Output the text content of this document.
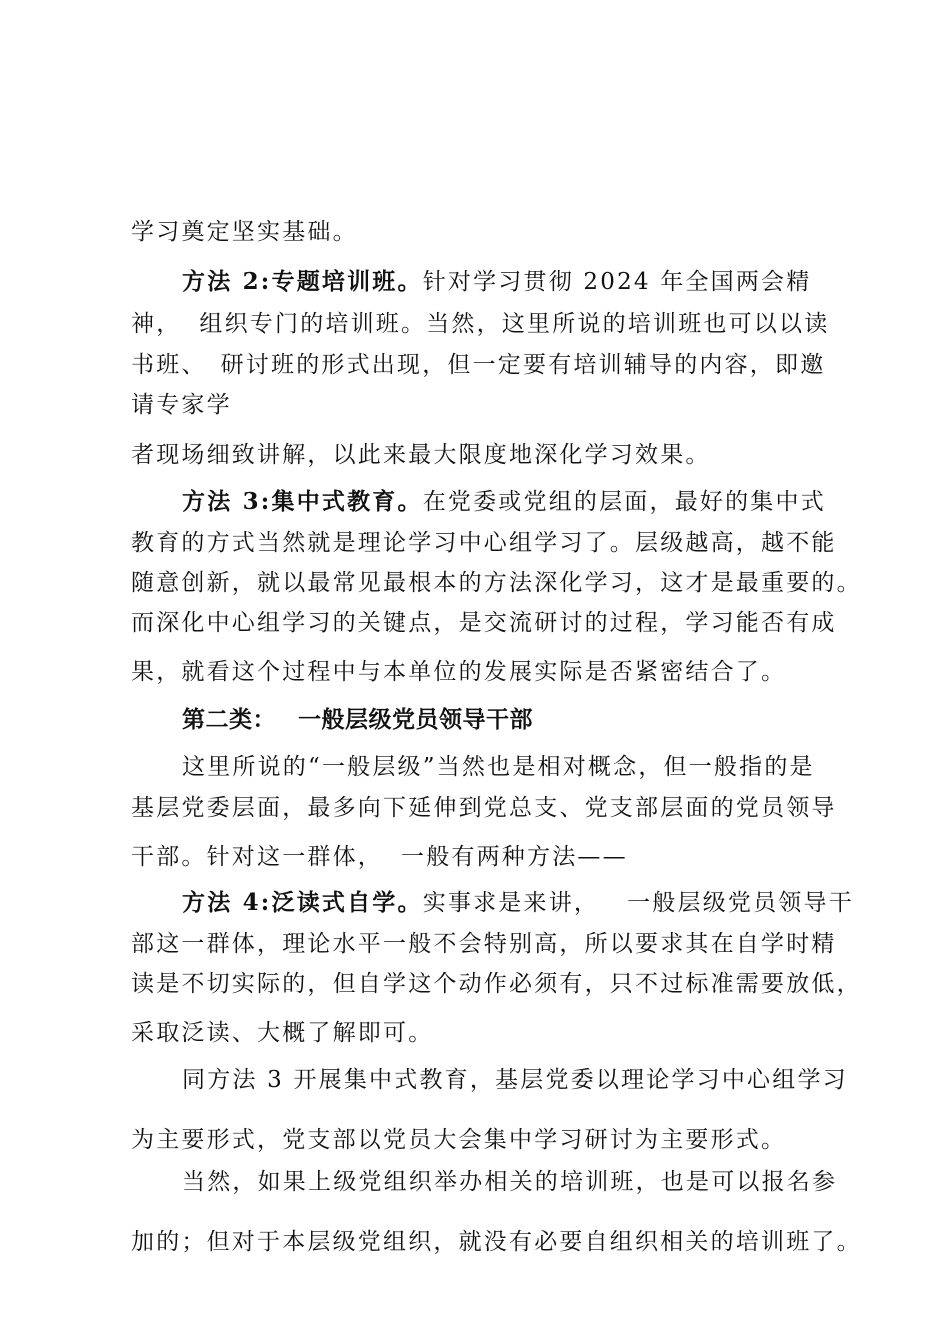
学习奠定坚实基础。
方法 2:专题培训班。针对学习贯彻 2024 年全国两会精
神， 组织专门的培训班。当然，这里所说的培训班也可以以读
书班、 研讨班的形式出现，但一定要有培训辅导的内容，即邀
请专家学
者现场细致讲解，以此来最大限度地深化学习效果。
方法 3:集中式教育。在党委或党组的层面，最好的集中式
教育的方式当然就是理论学习中心组学习了。层级越高，越不能
随意创新，就以最常见最根本的方法深化学习，这才是最重要的。
而深化中心组学习的关键点，是交流研讨的过程，学习能否有成
果，就看这个过程中与本单位的发展实际是否紧密结合了。
第二类： 一般层级党员领导干部
这里所说的“一般层级”当然也是相对概念，但一般指的是
基层党委层面，最多向下延伸到党总支、党支部层面的党员领导
干部。针对这一群体， 一般有两种方法——
方法 4:泛读式自学。实事求是来讲， 一般层级党员领导干
部这一群体，理论水平一般不会特别高，所以要求其在自学时精
读是不切实际的，但自学这个动作必须有，只不过标准需要放低，
采取泛读、大概了解即可。
同方法 3 开展集中式教育，基层党委以理论学习中心组学习
为主要形式，党支部以党员大会集中学习研讨为主要形式。
当然，如果上级党组织举办相关的培训班，也是可以报名参
加的；但对于本层级党组织，就没有必要自组织相关的培训班了。
